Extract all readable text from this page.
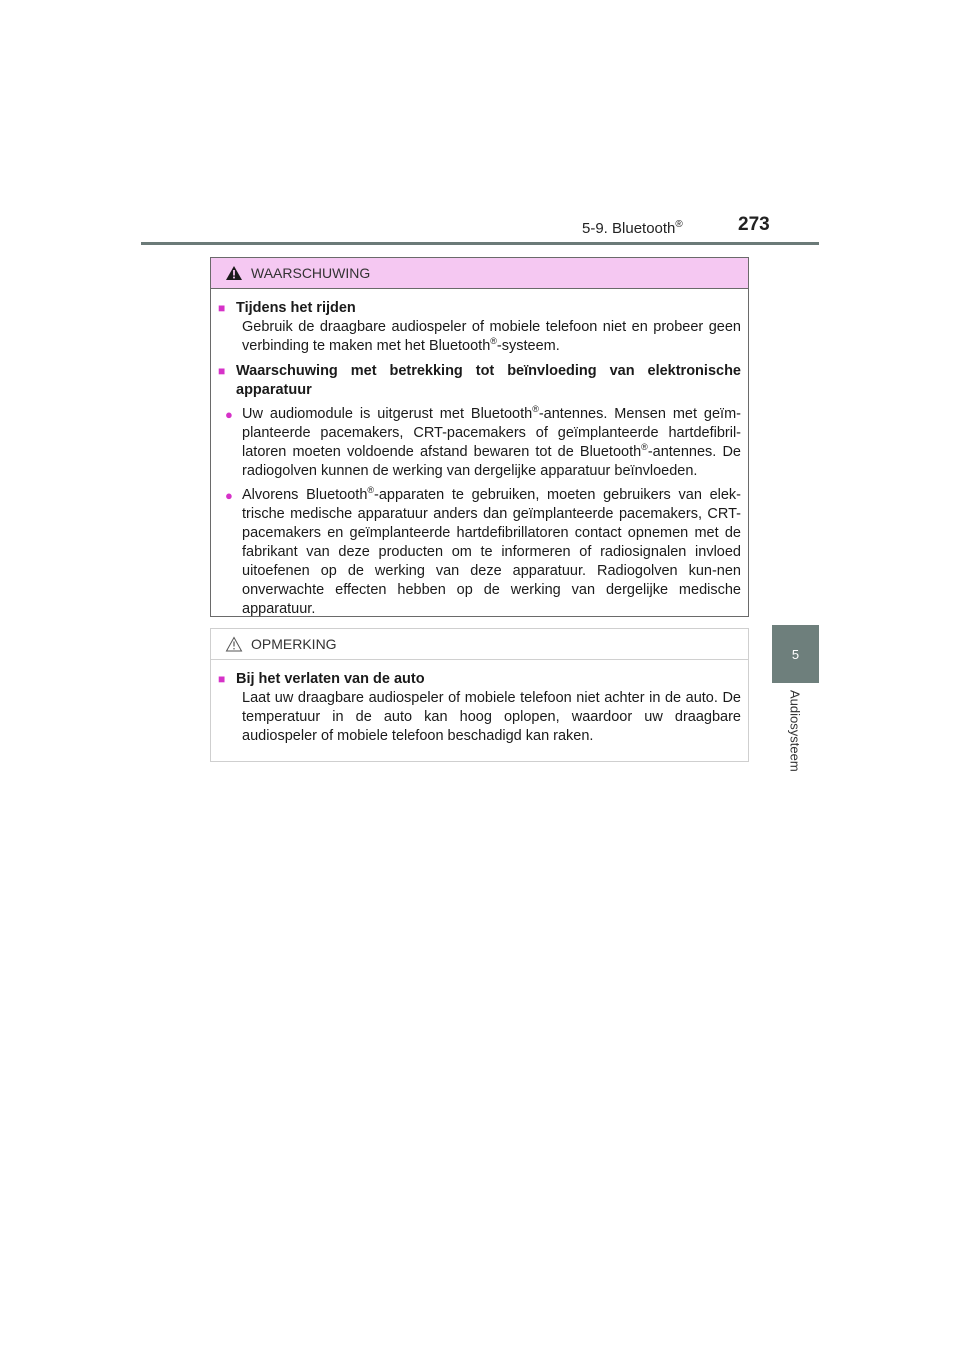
5-9. Bluetooth®	273
5
Audiosysteem
WAARSCHUWING
■ Tijdens het rijden
Gebruik de draagbare audiospeler of mobiele telefoon niet en probeer geen verbinding te maken met het Bluetooth®-systeem.
■ Waarschuwing met betrekking tot beïnvloeding van elektronische apparatuur
● Uw audiomodule is uitgerust met Bluetooth®-antennes. Mensen met geïm-planteerde pacemakers, CRT-pacemakers of geïmplanteerde hartdefibril-latoren moeten voldoende afstand bewaren tot de Bluetooth®-antennes. De radiogolven kunnen de werking van dergelijke apparatuur beïnvloeden.
● Alvorens Bluetooth®-apparaten te gebruiken, moeten gebruikers van elek-trische medische apparatuur anders dan geïmplanteerde pacemakers, CRT-pacemakers en geïmplanteerde hartdefibrillatoren contact opnemen met de fabrikant van deze producten om te informeren of radiosignalen invloed uitoefenen op de werking van deze apparatuur. Radiogolven kun-nen onverwachte effecten hebben op de werking van dergelijke medische apparatuur.
OPMERKING
■ Bij het verlaten van de auto
Laat uw draagbare audiospeler of mobiele telefoon niet achter in de auto. De temperatuur in de auto kan hoog oplopen, waardoor uw draagbare audiospeler of mobiele telefoon beschadigd kan raken.
